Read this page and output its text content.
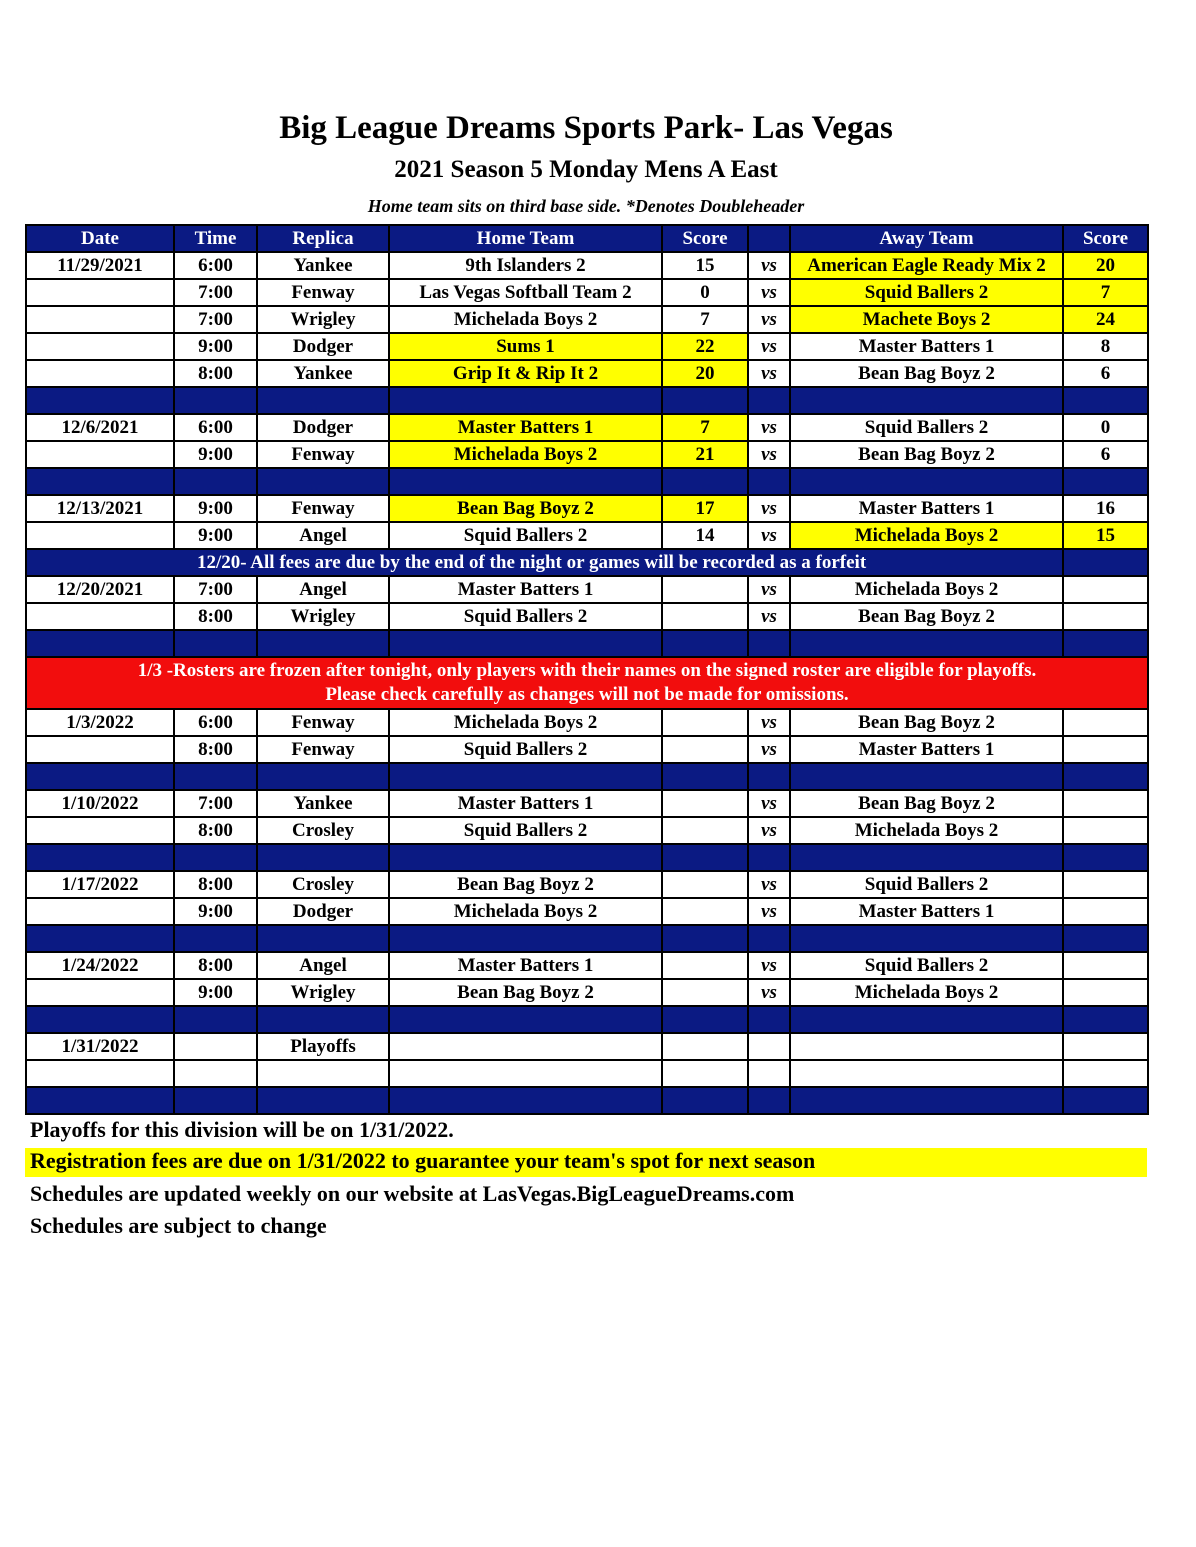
Big League Dreams Sports Park- Las Vegas
2021 Season 5 Monday Mens A East
Home team sits on third base side. *Denotes Doubleheader
Date	Time	Replica	Home Team	Score		Away Team	Score
11/29/2021	6:00	Yankee	9th Islanders 2	15	vs	American Eagle Ready Mix 2	20
	7:00	Fenway	Las Vegas Softball Team 2	0	vs	Squid Ballers 2	7
	7:00	Wrigley	Michelada Boys 2	7	vs	Machete Boys 2	24
	9:00	Dodger	Sums 1	22	vs	Master Batters 1	8
	8:00	Yankee	Grip It & Rip It 2	20	vs	Bean Bag Boyz 2	6

12/6/2021	6:00	Dodger	Master Batters 1	7	vs	Squid Ballers 2	0
	9:00	Fenway	Michelada Boys 2	21	vs	Bean Bag Boyz 2	6

12/13/2021	9:00	Fenway	Bean Bag Boyz 2	17	vs	Master Batters 1	16
	9:00	Angel	Squid Ballers 2	14	vs	Michelada Boys 2	15
12/20- All fees are due by the end of the night or games will be recorded as a forfeit							
12/20/2021	7:00	Angel	Master Batters 1		vs	Michelada Boys 2	
	8:00	Wrigley	Squid Ballers 2		vs	Bean Bag Boyz 2	

1/3 -Rosters are frozen after tonight, only players with their names on the signed roster are eligible for playoffs.
Please check carefully as changes will not be made for omissions.							

1/3/2022	6:00	Fenway	Michelada Boys 2		vs	Bean Bag Boyz 2	
	8:00	Fenway	Squid Ballers 2		vs	Master Batters 1	

1/10/2022	7:00	Yankee	Master Batters 1		vs	Bean Bag Boyz 2	
	8:00	Crosley	Squid Ballers 2		vs	Michelada Boys 2	

1/17/2022	8:00	Crosley	Bean Bag Boyz 2		vs	Squid Ballers 2	
	9:00	Dodger	Michelada Boys 2		vs	Master Batters 1	

1/24/2022	8:00	Angel	Master Batters 1		vs	Squid Ballers 2	
	9:00	Wrigley	Bean Bag Boyz 2		vs	Michelada Boys 2	

1/31/2022		Playoffs					

Playoffs for this division will be on 1/31/2022.
Registration fees are due on 1/31/2022 to guarantee your team's spot for next season
Schedules are updated weekly on our website at LasVegas.BigLeagueDreams.com
Schedules are subject to change
